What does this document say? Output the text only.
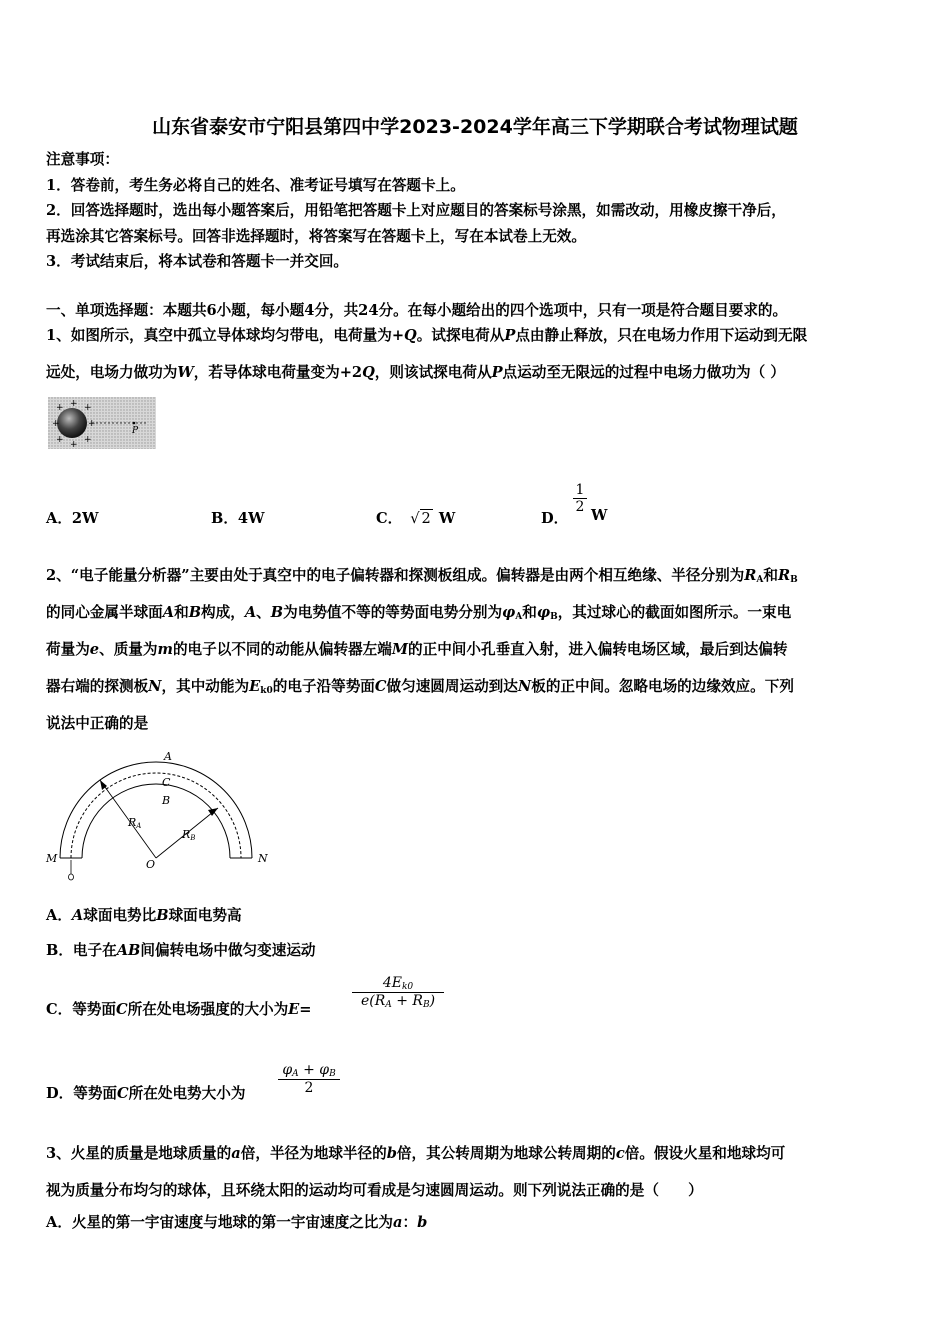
山东省泰安市宁阳县第四中学2023-2024学年高三下学期联合考试物理试题
注意事项：
1．答卷前，考生务必将自己的姓名、准考证号填写在答题卡上。
2．回答选择题时，选出每小题答案后，用铅笔把答题卡上对应题目的答案标号涂黑，如需改动，用橡皮擦干净后，
再选涂其它答案标号。回答非选择题时，将答案写在答题卡上，写在本试卷上无效。
3．考试结束后，将本试卷和答题卡一并交回。
一、单项选择题：本题共6小题，每小题4分，共24分。在每小题给出的四个选项中，只有一项是符合题目要求的。
1、如图所示，真空中孤立导体球均匀带电，电荷量为+Q。试探电荷从P点由静止释放，只在电场力作用下运动到无限
远处，电场力做功为W，若导体球电荷量变为+2Q，则该试探电荷从P点运动至无限远的过程中电场力做功为（ ）
+ + +
+	+
+ + +
P
A．2W	B．4W	C． √ 2 W	D．
$\frac{1}{2}$
W
2、“电子能量分析器”主要由处于真空中的电子偏转器和探测板组成。偏转器是由两个相互绝缘、半径分别为$R_A$和$R_B$
的同心金属半球面A和B构成，A、B为电势值不等的等势面电势分别为$\varphi_A$和$\varphi_B$，其过球心的截面如图所示。一束电
荷量为e、质量为m的电子以不同的动能从偏转器左端M的正中间小孔垂直入射，进入偏转电场区域，最后到达偏转
器右端的探测板N，其中动能为$E_{k0}$的电子沿等势面C做匀速圆周运动到达N板的正中间。忽略电场的边缘效应。下列
说法中正确的是
A
C
B
M	N
O
RA
RB
A．A球面电势比B球面电势高
B．电子在AB间偏转电场中做匀变速运动
C．等势面C所在处电场强度的大小为E=	$\frac{4E_{k0}}{e(R_A + R_B)}$
D．等势面C所在处电势大小为 $\frac{\varphi_A + \varphi_B}{2}$
3、火星的质量是地球质量的a倍，半径为地球半径的b倍，其公转周期为地球公转周期的c倍。假设火星和地球均可
视为质量分布均匀的球体，且环绕太阳的运动均可看成是匀速圆周运动。则下列说法正确的是（　　）
A．火星的第一宇宙速度与地球的第一宇宙速度之比为a：b
